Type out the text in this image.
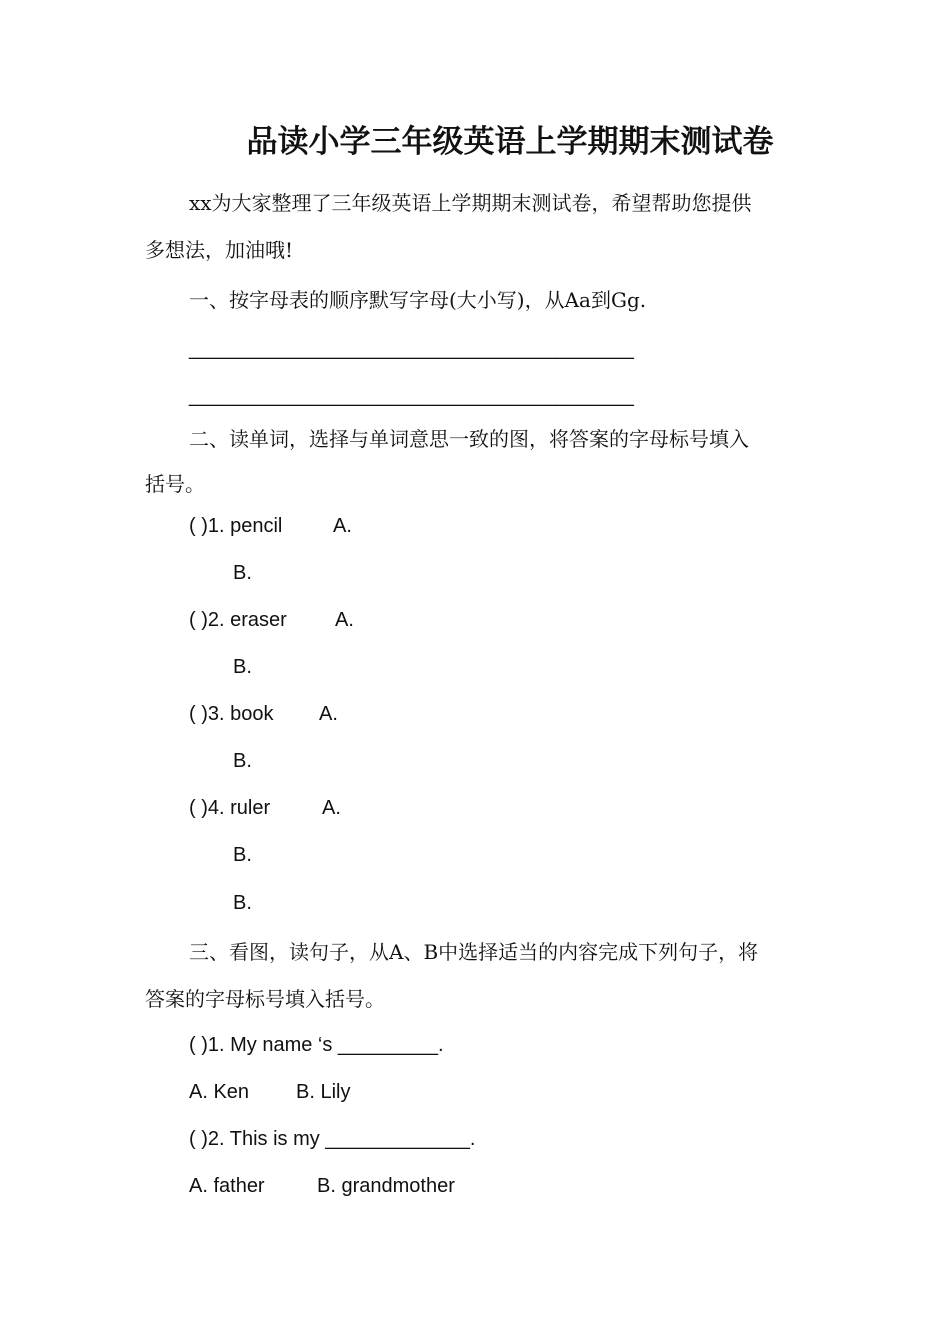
品读小学三年级英语上学期期末测试卷
xx为大家整理了三年级英语上学期期末测试卷，希望帮助您提供
多想法，加油哦!
一、按字母表的顺序默写字母(大小写)，从Aa到Gg.
________________________________________
________________________________________
二、读单词，选择与单词意思一致的图，将答案的字母标号填入
括号。
( )1. pencil	A.
B.
( )2. eraser A.
B.
( )3. book A.
B.
( )4. ruler	A.
B.
B.
三、看图，读句子，从A、B中选择适当的内容完成下列句子，将
答案的字母标号填入括号。
( )1. My name ‘s _________.
A. Ken B. Lily
( )2. This is my _____________.
A. father	B. grandmother
